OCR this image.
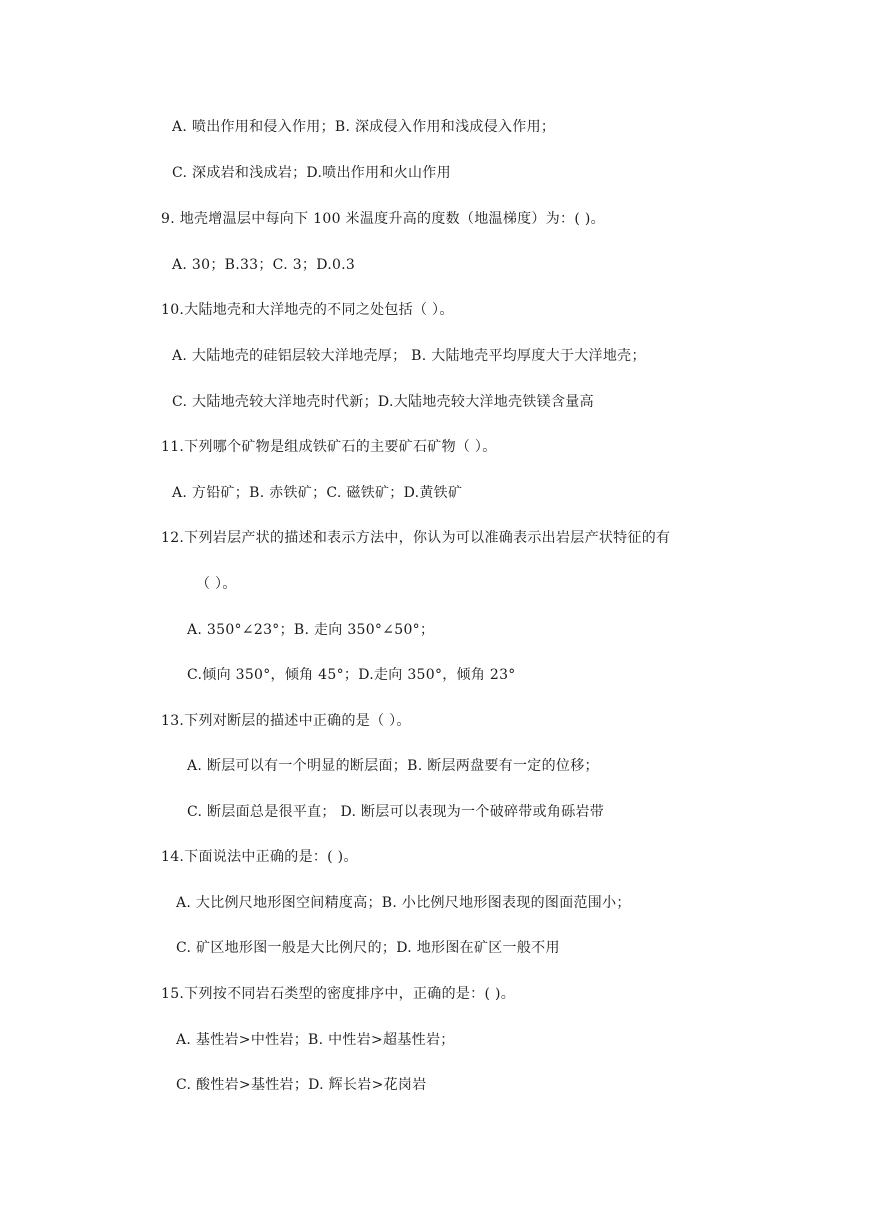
A. 喷出作用和侵入作用；B. 深成侵入作用和浅成侵入作用；
C. 深成岩和浅成岩；D.喷出作用和火山作用
9. 地壳增温层中每向下 100 米温度升高的度数（地温梯度）为：( )。
A. 30；B.33；C. 3；D.0.3
10.大陆地壳和大洋地壳的不同之处包括（ ）。
A. 大陆地壳的硅铝层较大洋地壳厚； B. 大陆地壳平均厚度大于大洋地壳；
C. 大陆地壳较大洋地壳时代新；D.大陆地壳较大洋地壳铁镁含量高
11.下列哪个矿物是组成铁矿石的主要矿石矿物（ ）。
A. 方铅矿；B. 赤铁矿；C. 磁铁矿；D.黄铁矿
12.下列岩层产状的描述和表示方法中，你认为可以准确表示出岩层产状特征的有
（ ）。
A. 350°∠23°；B. 走向 350°∠50°；
C.倾向 350°，倾角 45°；D.走向 350°，倾角 23°
13.下列对断层的描述中正确的是（ ）。
A. 断层可以有一个明显的断层面；B. 断层两盘要有一定的位移；
C. 断层面总是很平直； D. 断层可以表现为一个破碎带或角砾岩带
14.下面说法中正确的是：( )。
A. 大比例尺地形图空间精度高；B. 小比例尺地形图表现的图面范围小；
C. 矿区地形图一般是大比例尺的；D. 地形图在矿区一般不用
15.下列按不同岩石类型的密度排序中，正确的是：( )。
A. 基性岩>中性岩；B. 中性岩>超基性岩；
C. 酸性岩>基性岩；D. 辉长岩>花岗岩
